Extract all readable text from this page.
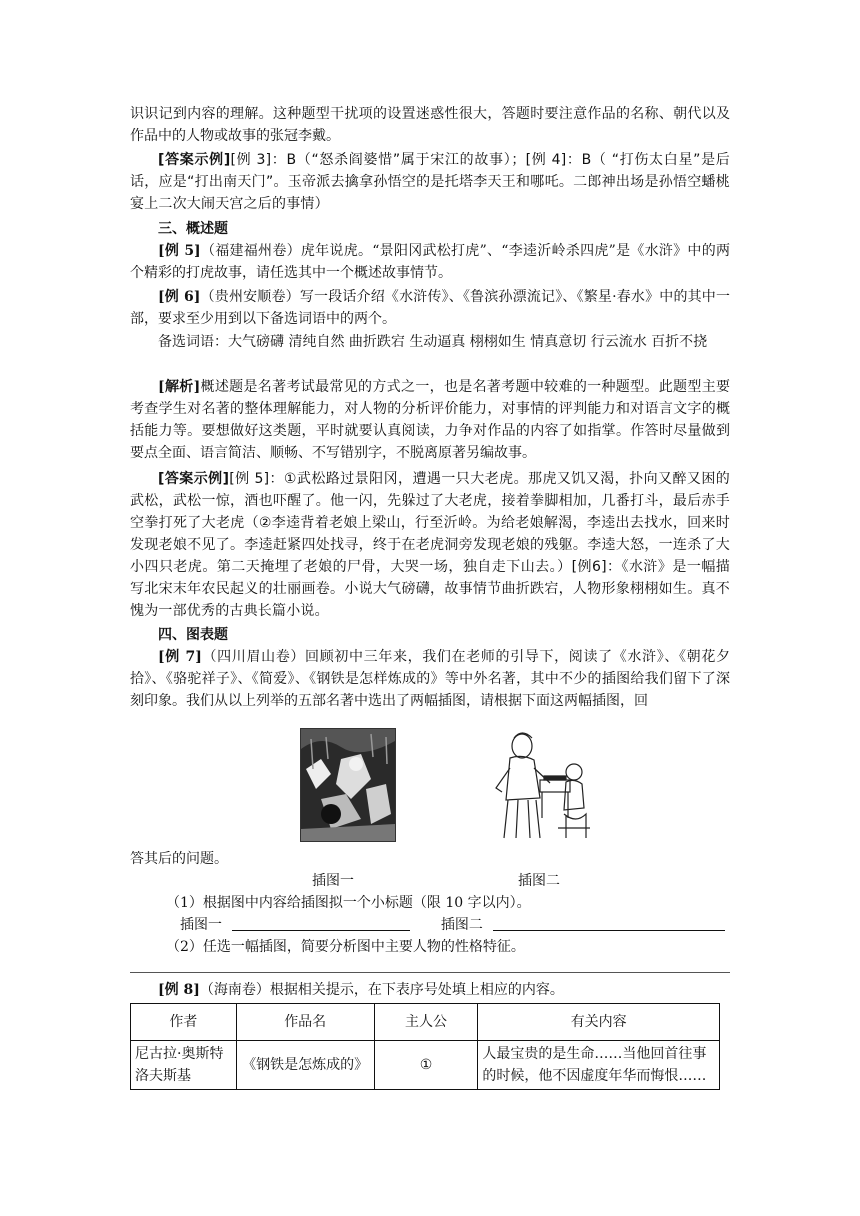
识识记到内容的理解。这种题型干扰项的设置迷惑性很大，答题时要注意作品的名称、朝代以及作品中的人物或故事的张冠李戴。

[答案示例][例 3]：B（“怒杀阎婆惜”属于宋江的故事）；[例 4]：B（ “打伤太白星”是后话，应是“打出南天门”。玉帝派去擒拿孙悟空的是托塔李天王和哪吒。二郎神出场是孙悟空蟠桃宴上二次大闹天宫之后的事情）

三、概述题

[例 5]（福建福州卷）虎年说虎。“景阳冈武松打虎”、“李逵沂岭杀四虎”是《水浒》中的两个精彩的打虎故事，请任选其中一个概述故事情节。

[例 6]（贵州安顺卷）写一段话介绍《水浒传》、《鲁滨孙漂流记》、《繁星·春水》中的其中一部，要求至少用到以下备选词语中的两个。

备选词语：大气磅礴 清纯自然 曲折跌宕 生动逼真 栩栩如生 情真意切 行云流水 百折不挠

[解析]概述题是名著考试最常见的方式之一，也是名著考题中较难的一种题型。此题型主要考查学生对名著的整体理解能力，对人物的分析评价能力，对事情的评判能力和对语言文字的概括能力等。要想做好这类题，平时就要认真阅读，力争对作品的内容了如指掌。作答时尽量做到要点全面、语言简洁、顺畅、不写错别字，不脱离原著另编故事。

[答案示例][例 5]：①武松路过景阳冈，遭遇一只大老虎。那虎又饥又渴，扑向又醉又困的武松，武松一惊，酒也吓醒了。他一闪，先躲过了大老虎，接着拳脚相加，几番打斗，最后赤手空拳打死了大老虎（②李逵背着老娘上梁山，行至沂岭。为给老娘解渴，李逵出去找水，回来时发现老娘不见了。李逵赶紧四处找寻，终于在老虎洞旁发现老娘的残躯。李逵大怒，一连杀了大小四只老虎。第二天掩埋了老娘的尸骨，大哭一场，独自走下山去。）[例6]：《水浒》是一幅描写北宋末年农民起义的壮丽画卷。小说大气磅礴，故事情节曲折跌宕，人物形象栩栩如生。真不愧为一部优秀的古典长篇小说。

四、图表题

[例 7]（四川眉山卷）回顾初中三年来，我们在老师的引导下，阅读了《水浒》、《朝花夕拾》、《骆驼祥子》、《简爱》、《钢铁是怎样炼成的》等中外名著，其中不少的插图给我们留下了深刻印象。我们从以上列举的五部名著中选出了两幅插图，请根据下面这两幅插图，回

答其后的问题。

插图一	插图二

（1）根据图中内容给插图拟一个小标题（限 10 字以内）。

插图一	插图二

（2）任选一幅插图，简要分析图中主要人物的性格特征。

[例 8]（海南卷）根据相关提示，在下表序号处填上相应的内容。

作者	作品名	主人公	有关内容
尼古拉·奥斯特洛夫斯基	《钢铁是怎炼成的》	①	人最宝贵的是生命……当他回首往事的时候，他不因虚度年华而悔恨……
